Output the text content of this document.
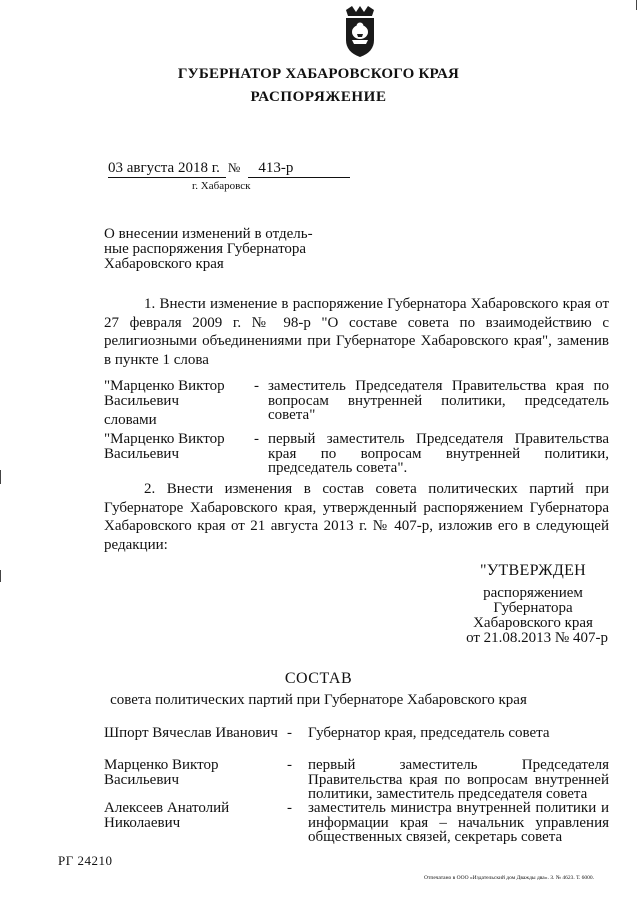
ГУБЕРНАТОР ХАБАРОВСКОГО КРАЯ
РАСПОРЯЖЕНИЕ
03 августа 2018 г. № 413-р
г. Хабаровск
О внесении изменений в отдель-
ные распоряжения Губернатора
Хабаровского края
1. Внести изменение в распоряжение Губернатора Хабаровского края от 27 февраля 2009 г. № 98-р "О составе совета по взаимодействию с религиозными объединениями при Губернаторе Хабаровского края", заменив в пункте 1 слова
"Марценко Виктор Васильевич
- заместитель Председателя Правительства края по вопросам внутренней политики, председатель совета"
словами
"Марценко Виктор Васильевич
- первый заместитель Председателя Правительства края по вопросам внутренней политики, председатель совета".
2. Внести изменения в состав совета политических партий при Губернаторе Хабаровского края, утвержденный распоряжением Губернатора Хабаровского края от 21 августа 2013 г. № 407-р, изложив его в следующей редакции:
"УТВЕРЖДЕН
распоряжением
Губернатора
Хабаровского края
от 21.08.2013 № 407-р
СОСТАВ
совета политических партий при Губернаторе Хабаровского края
Шпорт Вячеслав Иванович - Губернатор края, председатель совета
Марценко Виктор Васильевич
- первый заместитель Председателя Правительства края по вопросам внутренней политики, заместитель председателя совета
Алексеев Анатолий Николаевич
- заместитель министра внутренней политики и информации края – начальник управления общественных связей, секретарь совета
РГ 24210
Отпечатано в ООО «Издательский дом Дважды два». З. № 4623. Т. 6000.
